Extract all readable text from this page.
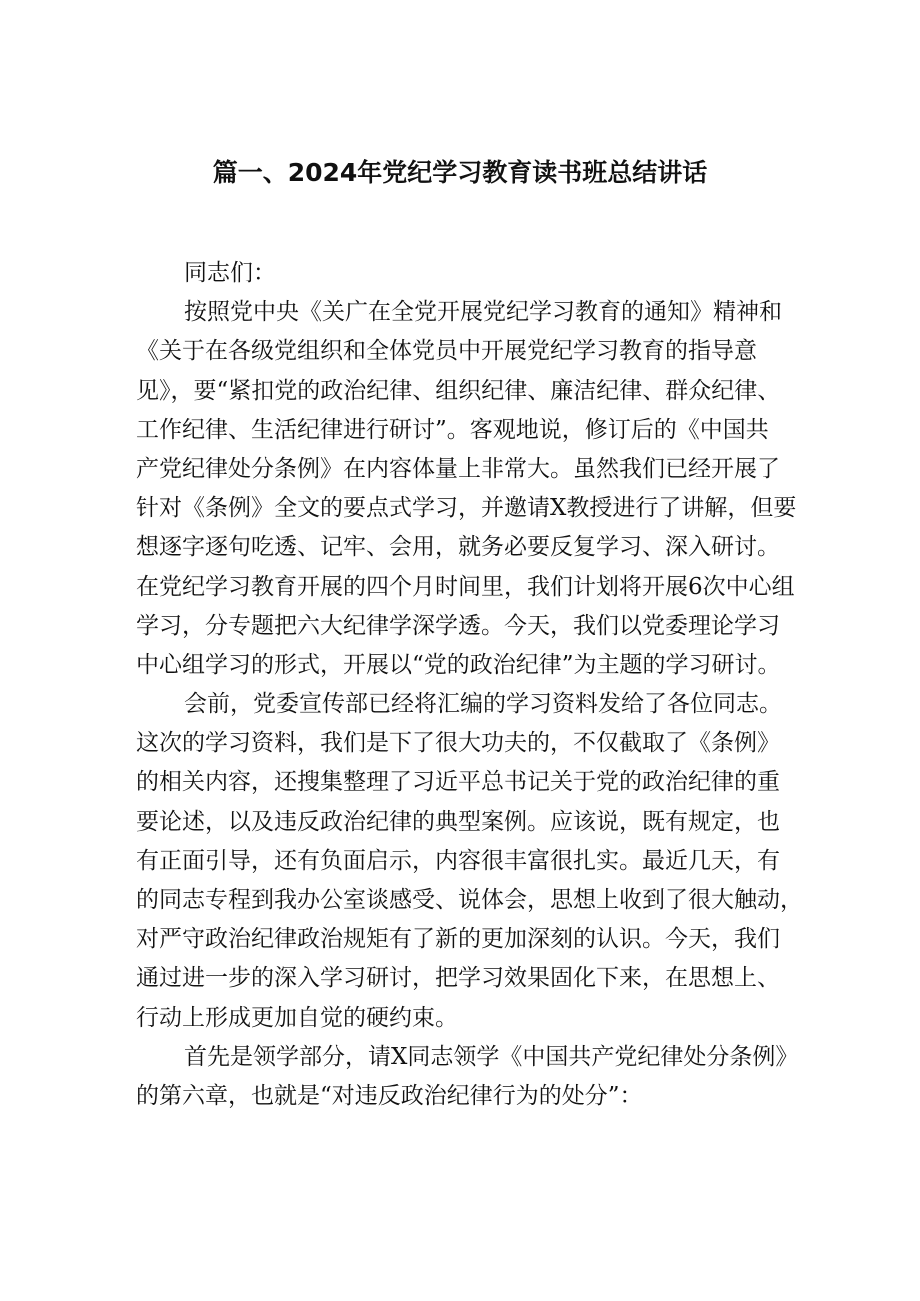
篇一、2024年党纪学习教育读书班总结讲话
同志们：
按照党中央《关广在全党开展党纪学习教育的通知》精神和
《关于在各级党组织和全体党员中开展党纪学习教育的指导意
见》，要“紧扣党的政治纪律、组织纪律、廉洁纪律、群众纪律、
工作纪律、生活纪律进行研讨”。客观地说，修订后的《中国共
产党纪律处分条例》在内容体量上非常大。虽然我们已经开展了
针对《条例》全文的要点式学习，并邀请X教授进行了讲解，但要
想逐字逐句吃透、记牢、会用，就务必要反复学习、深入研讨。
在党纪学习教育开展的四个月时间里，我们计划将开展6次中心组
学习，分专题把六大纪律学深学透。今天，我们以党委理论学习
中心组学习的形式，开展以“党的政治纪律”为主题的学习研讨。
会前，党委宣传部已经将汇编的学习资料发给了各位同志。
这次的学习资料，我们是下了很大功夫的，不仅截取了《条例》
的相关内容，还搜集整理了习近平总书记关于党的政治纪律的重
要论述，以及违反政治纪律的典型案例。应该说，既有规定，也
有正面引导，还有负面启示，内容很丰富很扎实。最近几天，有
的同志专程到我办公室谈感受、说体会，思想上收到了很大触动，
对严守政治纪律政治规矩有了新的更加深刻的认识。今天，我们
通过进一步的深入学习研讨，把学习效果固化下来，在思想上、
行动上形成更加自觉的硬约束。
首先是领学部分，请X同志领学《中国共产党纪律处分条例》
的第六章，也就是“对违反政治纪律行为的处分”：
